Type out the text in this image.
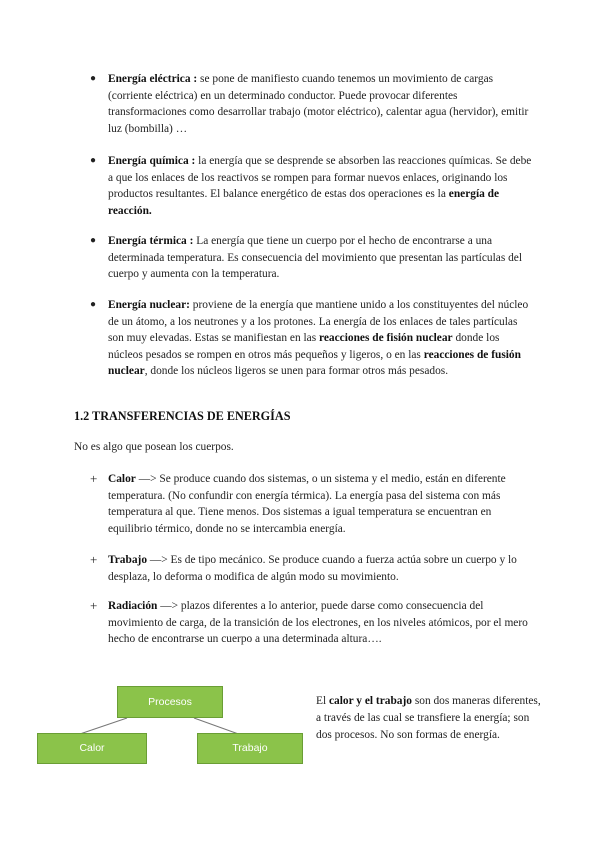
● Energía eléctrica : se pone de manifiesto cuando tenemos un movimiento de cargas (corriente eléctrica) en un determinado conductor. Puede provocar diferentes transformaciones como desarrollar trabajo (motor eléctrico), calentar agua (hervidor), emitir luz (bombilla) …
● Energía química : la energía que se desprende se absorben las reacciones químicas. Se debe a que los enlaces de los reactivos se rompen para formar nuevos enlaces, originando los productos resultantes. El balance energético de estas dos operaciones es la energía de reacción.
● Energía térmica : La energía que tiene un cuerpo por el hecho de encontrarse a una determinada temperatura. Es consecuencia del movimiento que presentan las partículas del cuerpo y aumenta con la temperatura.
● Energía nuclear: proviene de la energía que mantiene unido a los constituyentes del núcleo de un átomo, a los neutrones y a los protones. La energía de los enlaces de tales partículas son muy elevadas. Estas se manifiestan en las reacciones de fisión nuclear donde los núcleos pesados se rompen en otros más pequeños y ligeros, o en las reacciones de fusión nuclear, donde los núcleos ligeros se unen para formar otros más pesados.
1.2 TRANSFERENCIAS DE ENERGÍAS
No es algo que posean los cuerpos.
+ Calor —> Se produce cuando dos sistemas, o un sistema y el medio, están en diferente temperatura. (No confundir con energía térmica). La energía pasa del sistema con más temperatura al que. Tiene menos. Dos sistemas a igual temperatura se encuentran en equilibrio térmico, donde no se intercambia energía.
+ Trabajo —> Es de tipo mecánico. Se produce cuando a fuerza actúa sobre un cuerpo y lo desplaza, lo deforma o modifica de algún modo su movimiento.
+ Radiación —> plazos diferentes a lo anterior, puede darse como consecuencia del movimiento de carga, de la transición de los electrones, en los niveles atómicos, por el mero hecho de encontrarse un cuerpo a una determinada altura….
Procesos
Calor	Trabajo
El calor y el trabajo son dos maneras diferentes, a través de las cual se transfiere la energía; son dos procesos. No son formas de energía.
